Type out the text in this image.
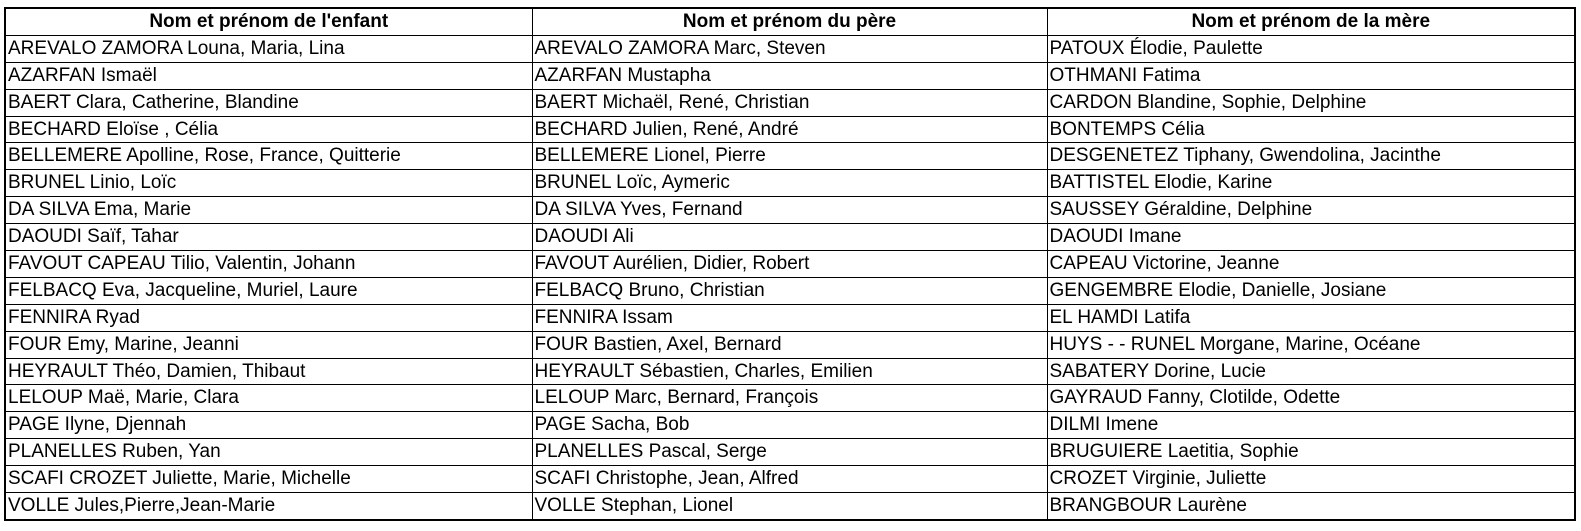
Nom et prénom de l'enfant	Nom et prénom du père	Nom et prénom de la mère
AREVALO ZAMORA Louna, Maria, Lina	AREVALO ZAMORA Marc, Steven	PATOUX Élodie, Paulette
AZARFAN Ismaël	AZARFAN Mustapha	OTHMANI Fatima
BAERT Clara, Catherine, Blandine	BAERT Michaël, René, Christian	CARDON Blandine, Sophie, Delphine
BECHARD Eloïse , Célia	BECHARD Julien, René, André	BONTEMPS Célia
BELLEMERE Apolline, Rose, France, Quitterie	BELLEMERE Lionel, Pierre	DESGENETEZ Tiphany, Gwendolina, Jacinthe
BRUNEL Linio, Loïc	BRUNEL Loïc, Aymeric	BATTISTEL Elodie, Karine
DA SILVA Ema, Marie	DA SILVA Yves, Fernand	SAUSSEY Géraldine, Delphine
DAOUDI Saïf, Tahar	DAOUDI Ali	DAOUDI Imane
FAVOUT CAPEAU Tilio, Valentin, Johann	FAVOUT Aurélien, Didier, Robert	CAPEAU Victorine, Jeanne
FELBACQ Eva, Jacqueline, Muriel, Laure	FELBACQ Bruno, Christian	GENGEMBRE Elodie, Danielle, Josiane
FENNIRA Ryad	FENNIRA Issam	EL HAMDI Latifa
FOUR Emy, Marine, Jeanni	FOUR Bastien, Axel, Bernard	HUYS - - RUNEL Morgane, Marine, Océane
HEYRAULT Théo, Damien, Thibaut	HEYRAULT Sébastien, Charles, Emilien	SABATERY Dorine, Lucie
LELOUP Maë, Marie, Clara	LELOUP Marc, Bernard, François	GAYRAUD Fanny, Clotilde, Odette
PAGE Ilyne, Djennah	PAGE Sacha, Bob	DILMI Imene
PLANELLES Ruben, Yan	PLANELLES Pascal, Serge	BRUGUIERE Laetitia, Sophie
SCAFI CROZET Juliette, Marie, Michelle	SCAFI Christophe, Jean, Alfred	CROZET Virginie, Juliette
VOLLE Jules,Pierre,Jean-Marie	VOLLE Stephan, Lionel	BRANGBOUR Laurène
